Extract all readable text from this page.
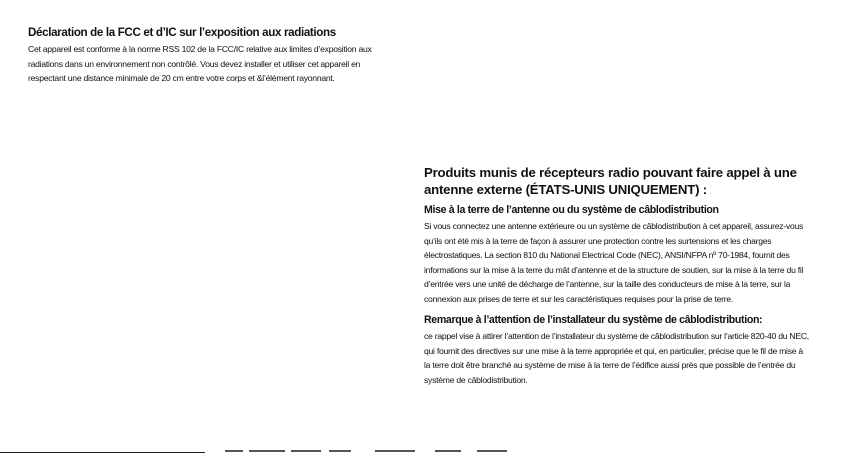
Déclaration de la FCC et d’IC sur l’exposition aux radiations

Cet appareil est conforme à la norme RSS 102 de la FCC/IC relative aux limites d’exposition aux radiations dans un environnement non contrôlé. Vous devez installer et utiliser cet appareil en respectant une distance minimale de 20 cm entre votre corps et &l’élément rayonnant.

Produits munis de récepteurs radio pouvant faire appel à une antenne externe (ÉTATS-UNIS UNIQUEMENT) :
Mise à la terre de l’antenne ou du système de câblodistribution

Si vous connectez une antenne extérieure ou un système de câblodistribution à cet appareil, assurez-vous qu’ils ont été mis à la terre de façon à assurer une protection contre les surtensions et les charges électrostatiques. La section 810 du National Electrical Code (NEC), ANSI/NFPA nº 70-1984, fournit des informations sur la mise à la terre du mât d’antenne et de la structure de soutien, sur la mise à la terre du fil d’entrée vers une unité de décharge de l’antenne, sur la taille des conducteurs de mise à la terre, sur la connexion aux prises de terre et sur les caractéristiques requises pour la prise de terre.

Remarque à l’attention de l’installateur du système de câblodistribution:

ce rappel vise à attirer l’attention de l’installateur du système de câblodistribution sur l’article 820-40 du NEC, qui fournit des directives sur une mise à la terre appropriée et qui, en particulier, précise que le fil de mise à la terre doit être branché au système de mise à la terre de l’édifice aussi près que possible de l’entrée du système de câblodistribution.
